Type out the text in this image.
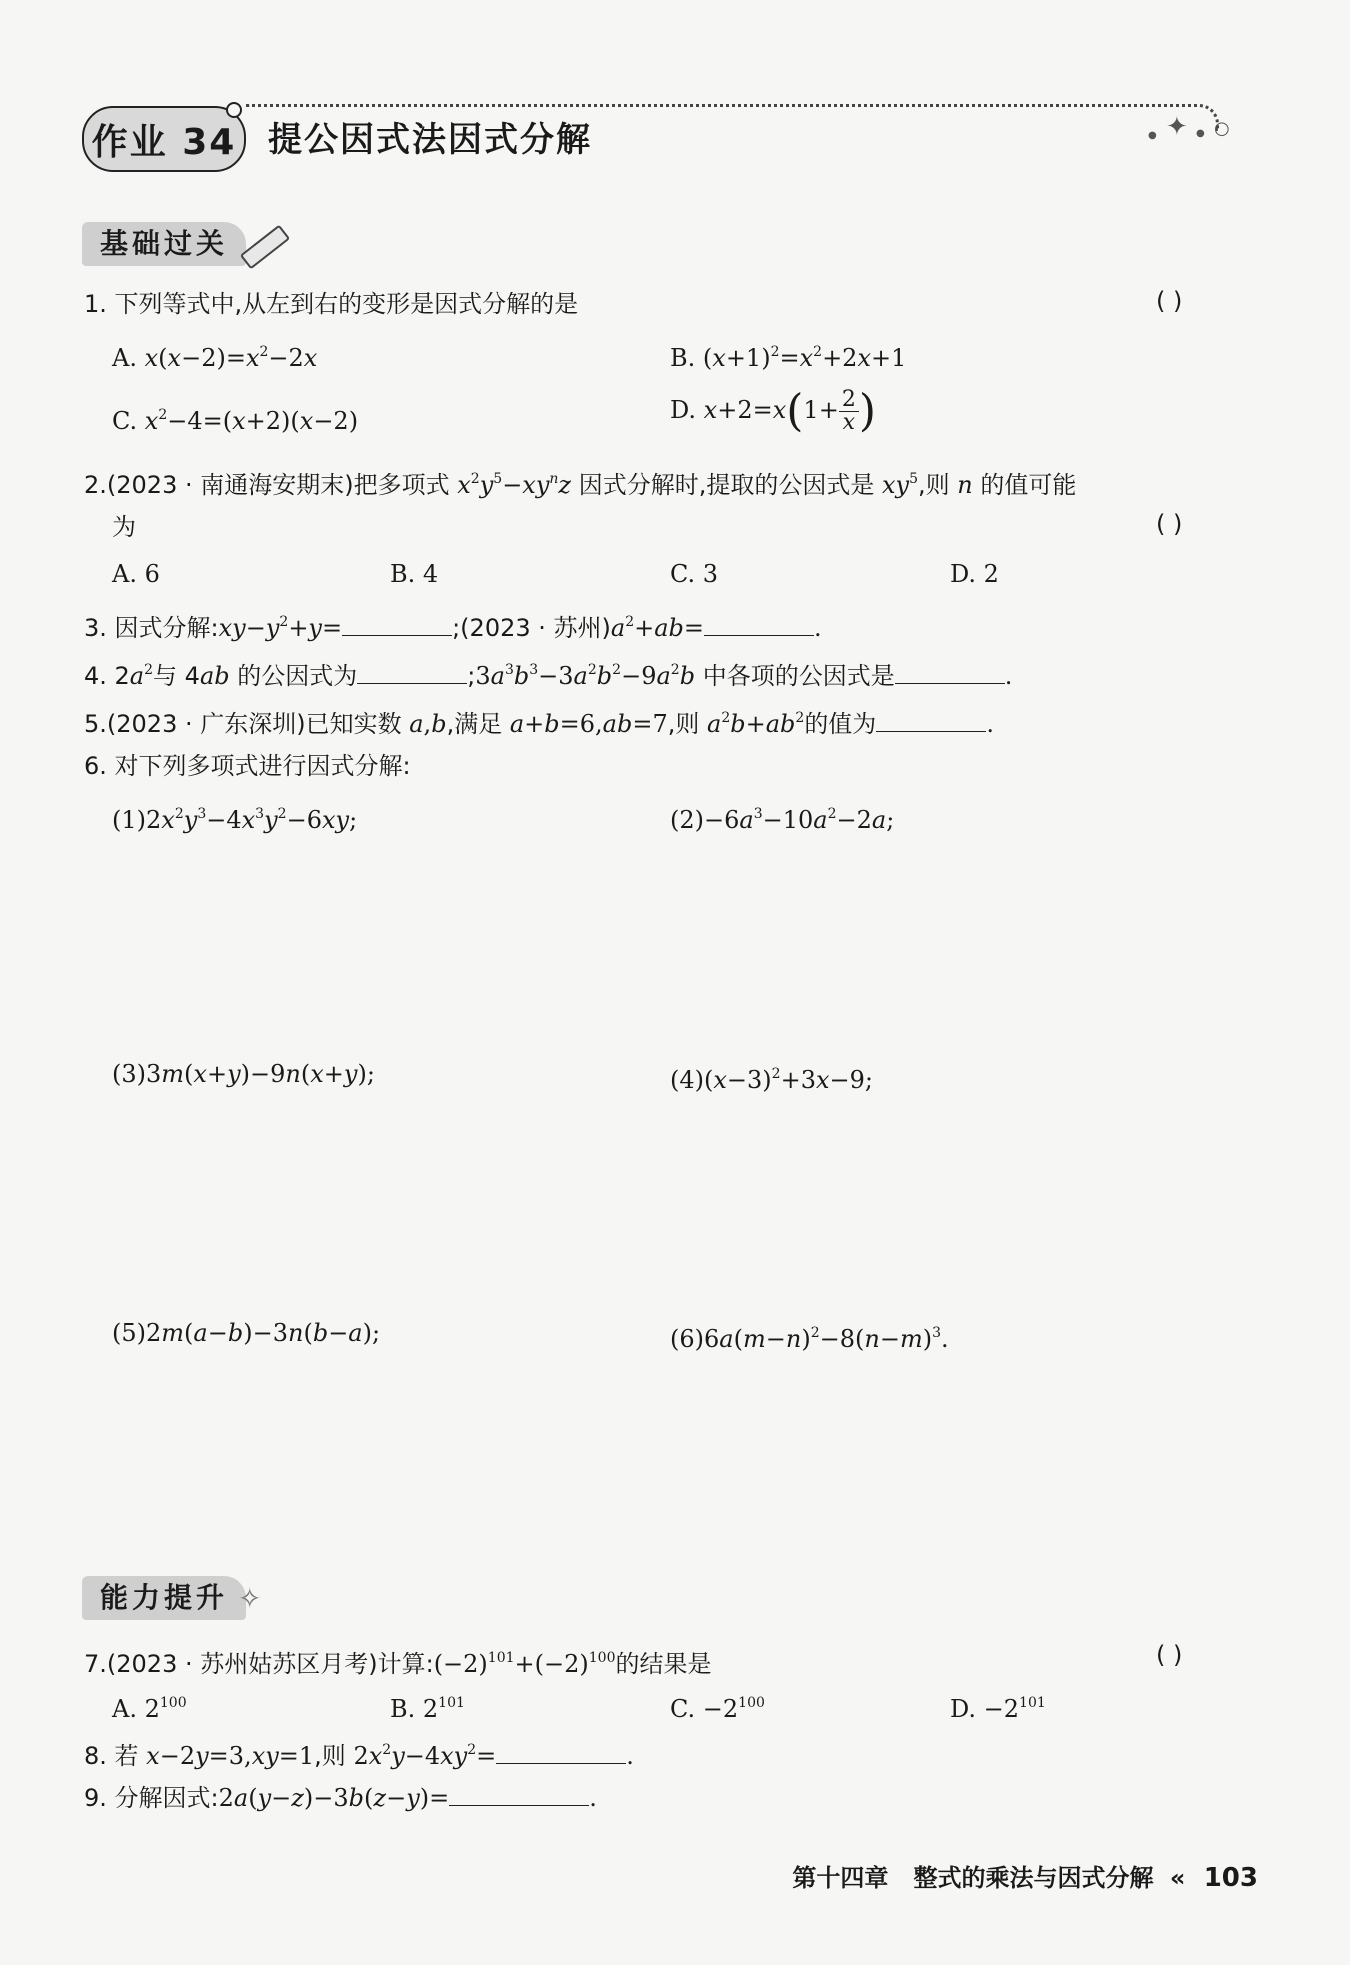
作业 34 提公因式法因式分解	● ✦ ● ○
基础过关
1. 下列等式中,从左到右的变形是因式分解的是	( )
A. $x(x-2)=x^2-2x$	B. $(x+1)^2=x^2+2x+1$
C. $x^2-4=(x+2)(x-2)$	D. $x+2=x(1+ \frac{2}{x}$ )
2.(2023 · 南通海安期末)把多项式 $x^2y^5-xy^nz$ 因式分解时,提取的公因式是 $xy^5$,则 n 的值可能
为	( )
A. 6	B. 4	C. 3	D. 2
3. 因式分解$:xy-y^2+y=$	;(2023 · 苏州)$a^2+ab=$	.
4. $2a^2$与 4ab 的公因式为	$;3a^3b^3-3a^2b^2-9a^2b$ 中各项的公因式是	.
5.(2023 · 广东深圳)已知实数 a,b,满足 a+b=6,ab=7,则 $a^2b+ab^2$的值为	.
6. 对下列多项式进行因式分解:
$(1)2x^2y^3-4x^3y^2-6xy$;	$(2)-6a^3-10a^2-2a$;
(3)3m(x+y)−9n(x+y);	$(4)(x-3)^2+3x-9$;
(5)2m(a−b)−3n(b−a);	$(6)6a(m-n)^2-8(n-m)^3$.
能力提升 ✧
7.(2023 · 苏州姑苏区月考)计算$:(-2)^{101}+(-2)^{100}$的结果是	( )
A. $2^{100}$	B. $2^{101}$	C. $-2^{100}$	D. $-2^{101}$
8. 若 x−2y=3,xy=1,则 $2x^2y-4xy^2=$	.
9. 分解因式:2a(y−z)−3b(z−y)=	.
第十四章 整式的乘法与因式分解 « 103
